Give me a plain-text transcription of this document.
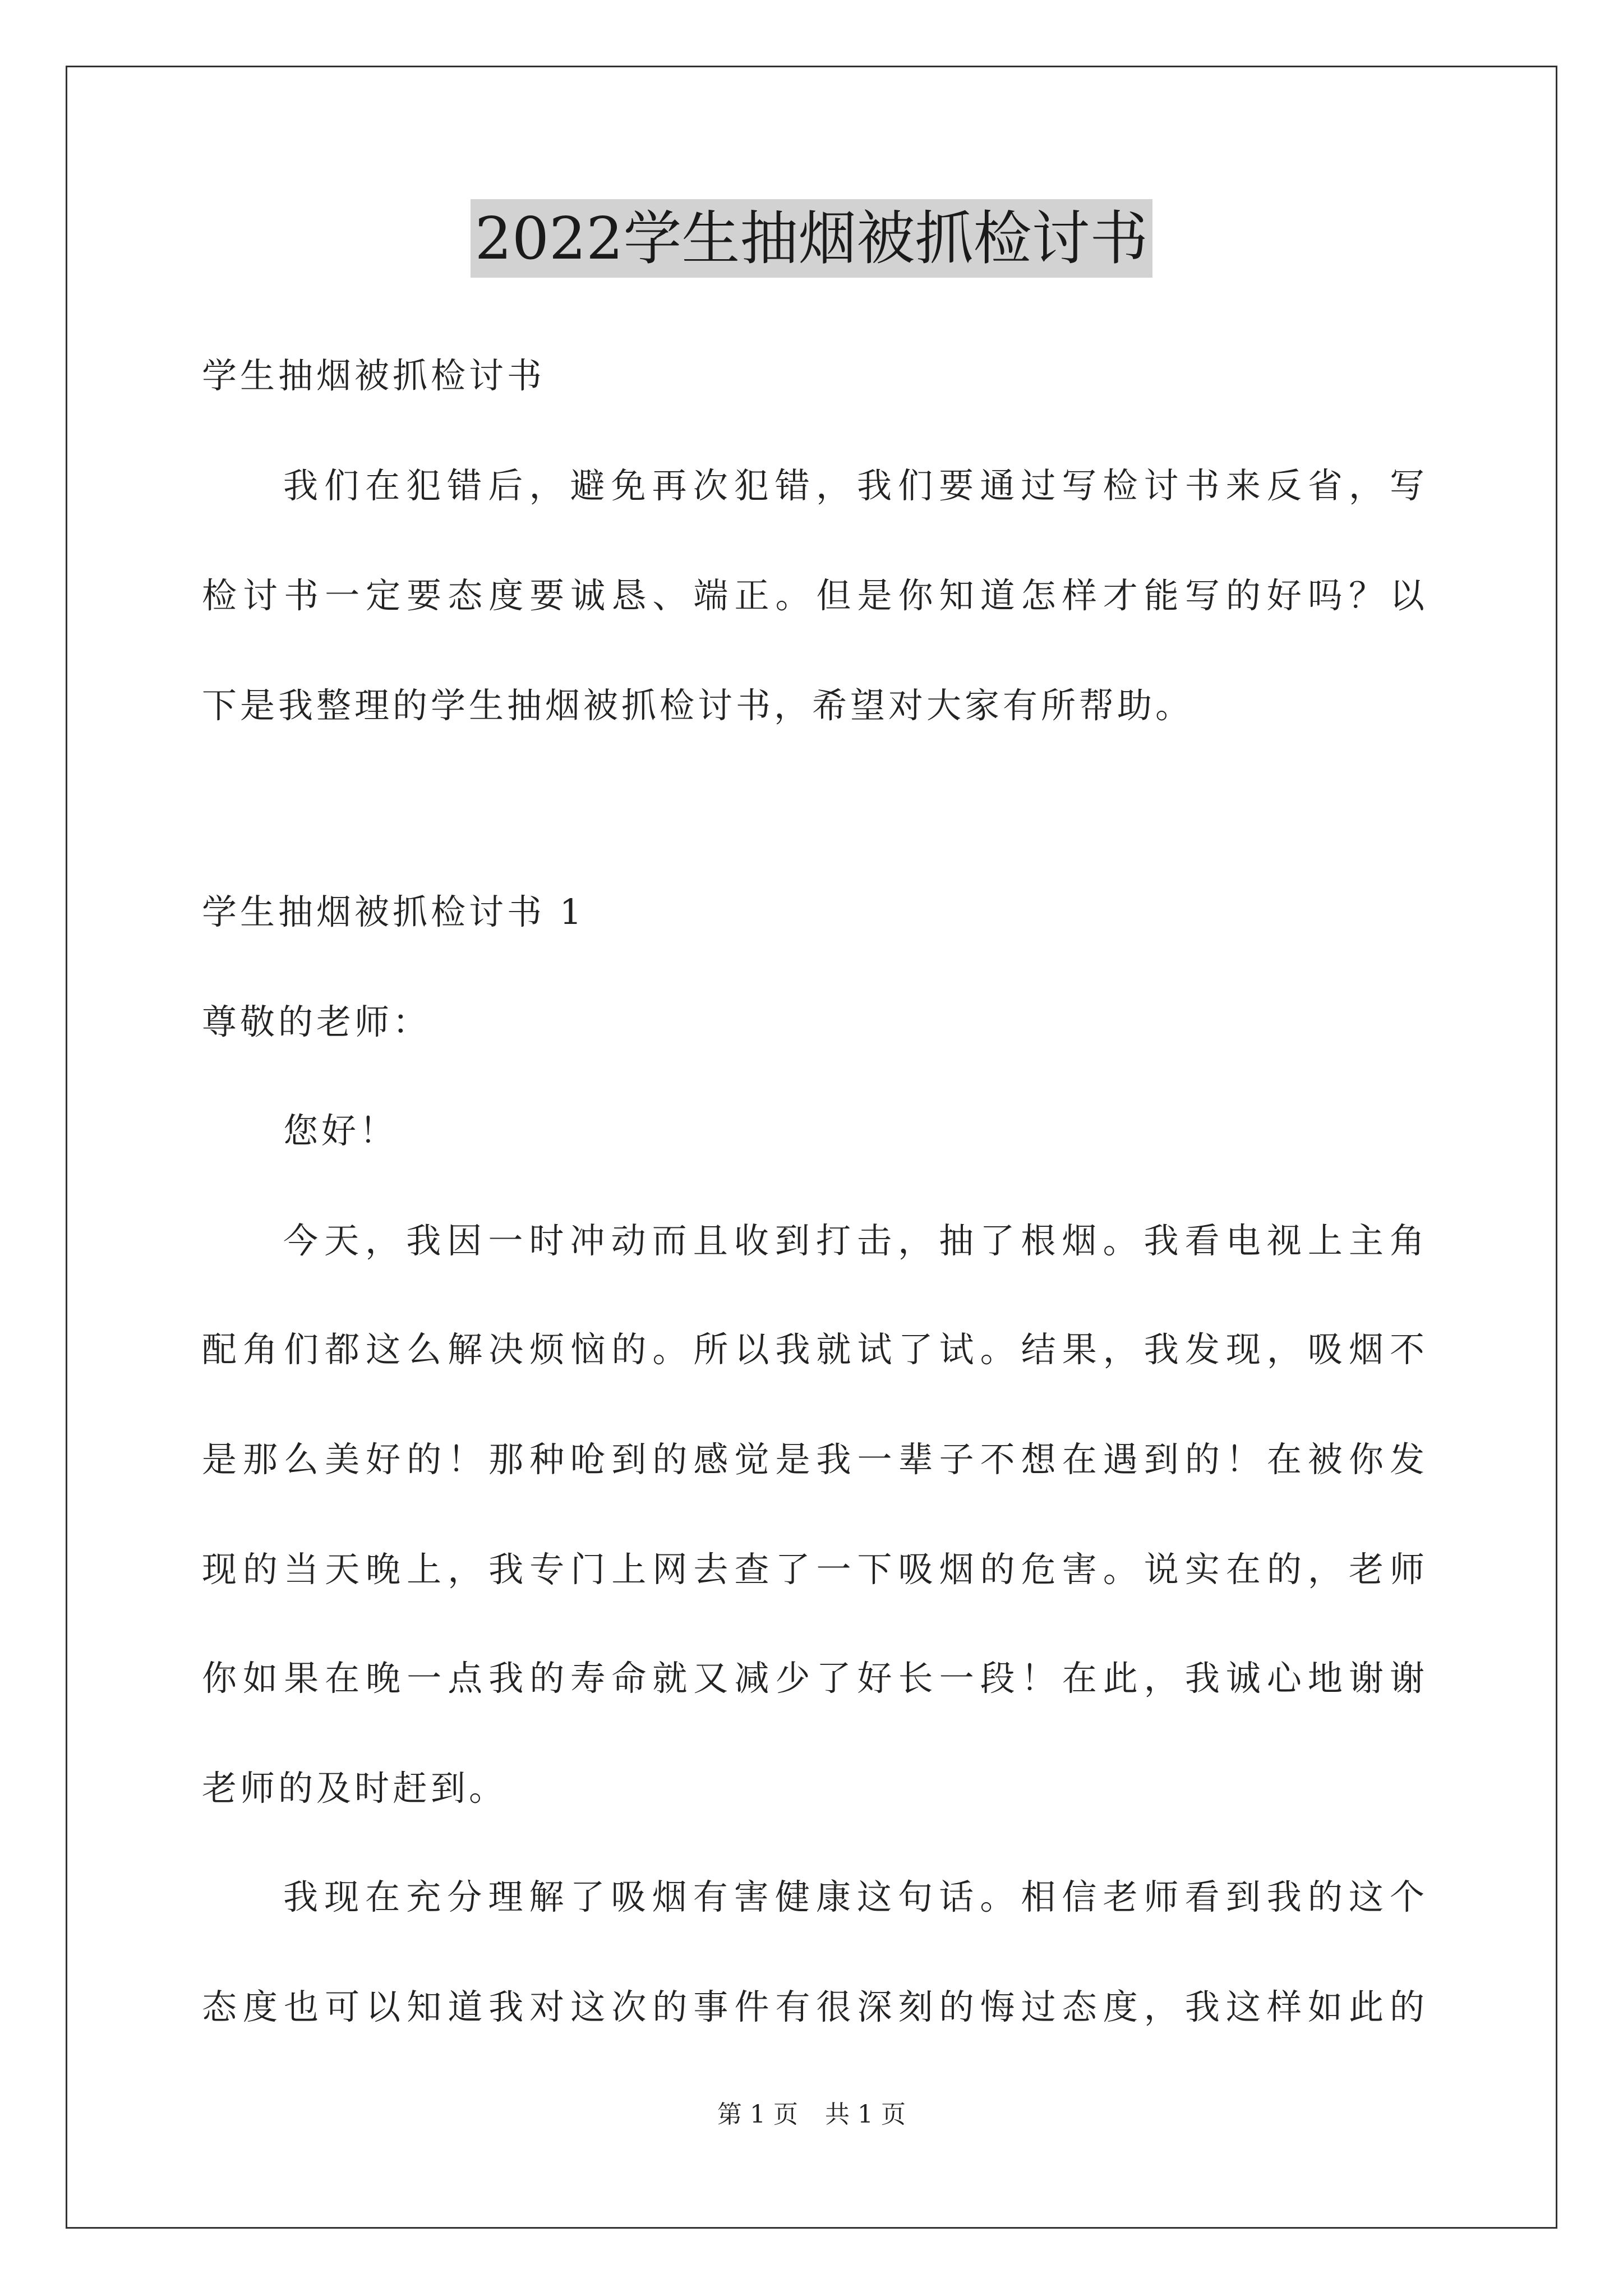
2022学生抽烟被抓检讨书
学生抽烟被抓检讨书
我们在犯错后，避免再次犯错，我们要通过写检讨书来反省，写
检讨书一定要态度要诚恳、端正。但是你知道怎样才能写的好吗？以
下是我整理的学生抽烟被抓检讨书，希望对大家有所帮助。
学生抽烟被抓检讨书 1
尊敬的老师：
您好！
今天，我因一时冲动而且收到打击，抽了根烟。我看电视上主角
配角们都这么解决烦恼的。所以我就试了试。结果，我发现，吸烟不
是那么美好的！那种呛到的感觉是我一辈子不想在遇到的！在被你发
现的当天晚上，我专门上网去查了一下吸烟的危害。说实在的，老师
你如果在晚一点我的寿命就又减少了好长一段！在此，我诚心地谢谢
老师的及时赶到。
我现在充分理解了吸烟有害健康这句话。相信老师看到我的这个
态度也可以知道我对这次的事件有很深刻的悔过态度，我这样如此的
第 1 页 共 1 页
